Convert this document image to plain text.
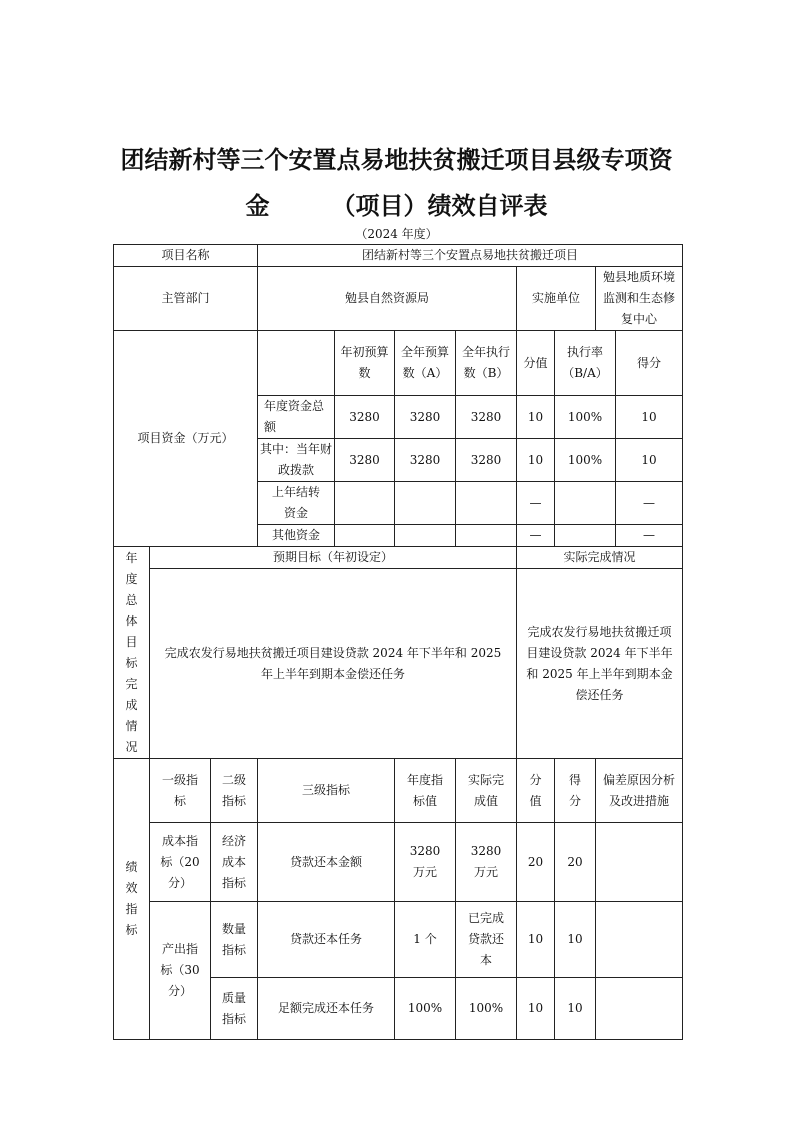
团结新村等三个安置点易地扶贫搬迁项目县级专项资
金	（项目）绩效自评表
（2024 年度）
项目名称			团结新村等三个安置点易地扶贫搬迁项目							
主管部门			勉县自然资源局				实施单位		勉县地质环境监测和生态修复中心	
项目资金（万元）				年初预算数	全年预算数（A）	全年执行数（B）	分值	执行率（B/A）		得分
			年度资金总额	3280	3280	3280	10	100%		10
			其中：当年财政拨款	3280	3280	3280	10	100%		10
			上年结转资金				—			—
			其他资金				—			—
年度总体目标完成情况	预期目标（年初设定）						实际完成情况			
	完成农发行易地扶贫搬迁项目建设贷款 2024 年下半年和 2025 年上半年到期本金偿还任务						完成农发行易地扶贫搬迁项目建设贷款 2024 年下半年和 2025 年上半年到期本金偿还任务			
绩效指标	一级指标	二级指标	三级指标		年度指标值	实际完成值	分值	得分	偏差原因分析及改进措施	
	成本指标（20分）	经济成本指标	贷款还本金额		3280 万元	3280 万元	20	20		
	产出指标（30分）	数量指标	贷款还本任务		1 个	已完成贷款还本	10	10		
		质量指标	足额完成还本任务		100%	100%	10	10		
